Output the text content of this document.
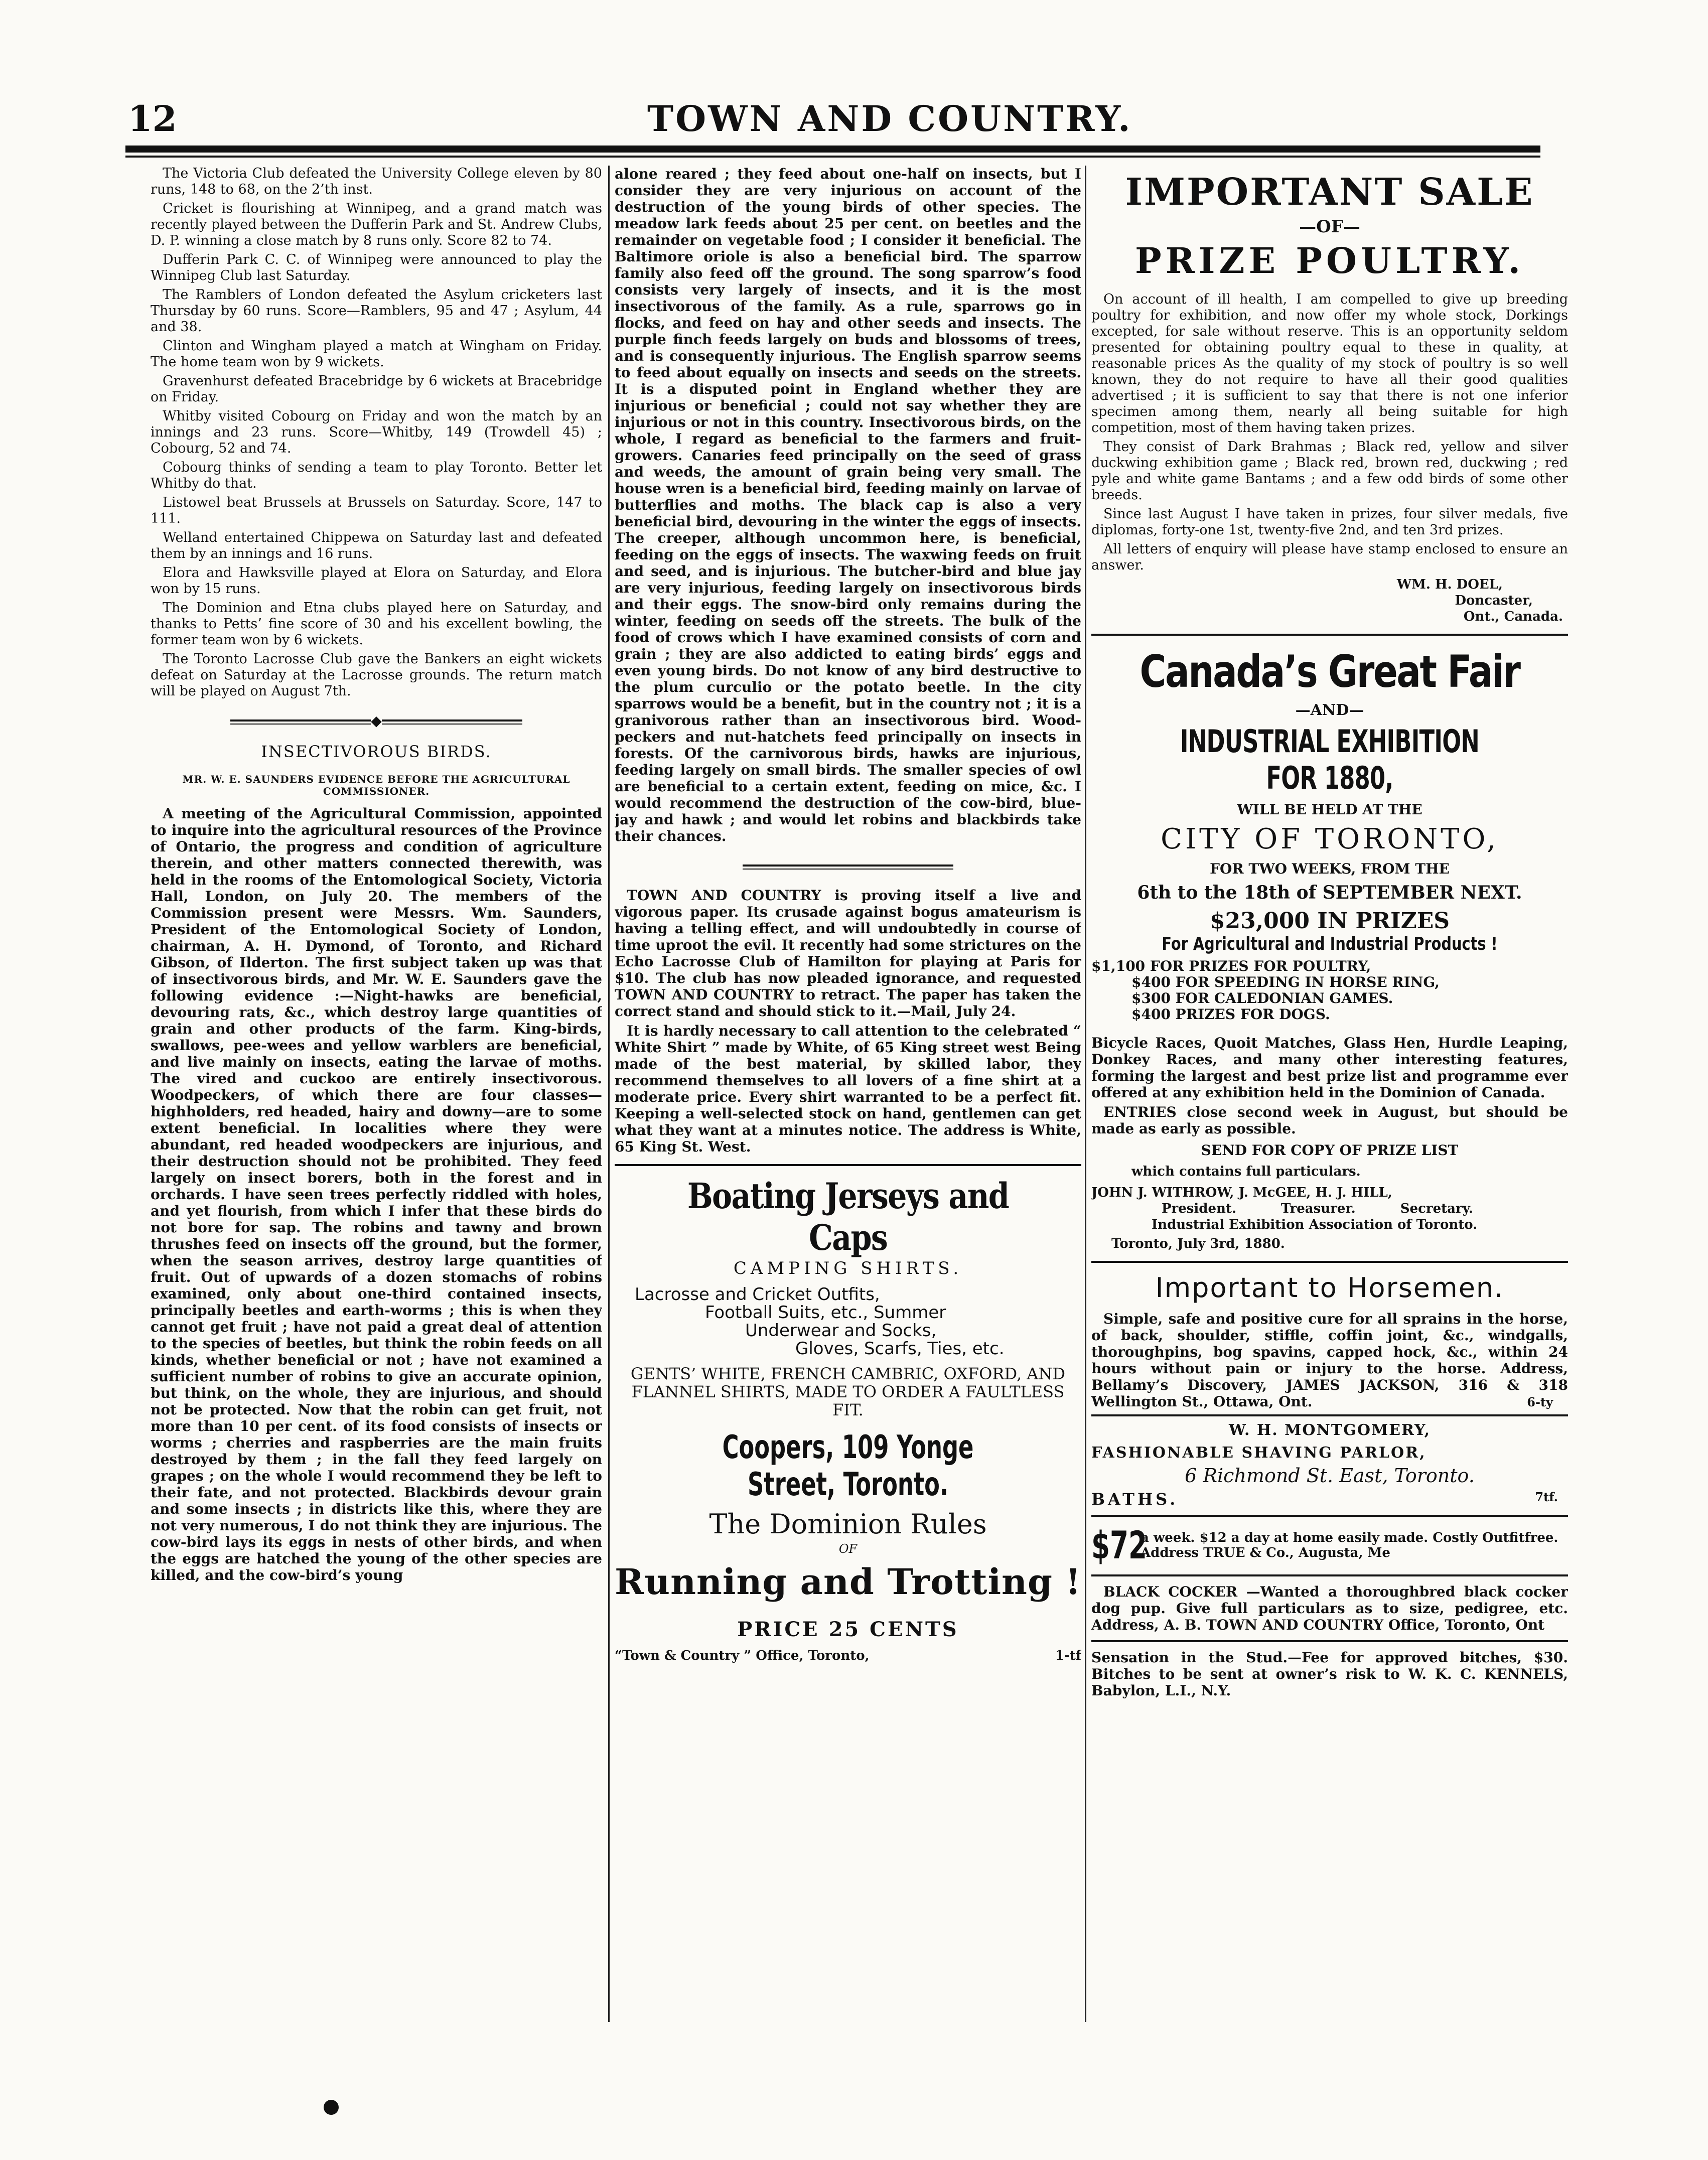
12	TOWN AND COUNTRY.

The Victoria Club defeated the University College eleven by 80 runs, 148 to 68, on the 2’th inst.

Cricket is flourishing at Winnipeg, and a grand match was recently played between the Dufferin Park and St. Andrew Clubs, D. P. winning a close match by 8 runs only. Score 82 to 74.

Dufferin Park C. C. of Winnipeg were announced to play the Winnipeg Club last Saturday.

The Ramblers of London defeated the Asylum cricketers last Thursday by 60 runs. Score—Ramblers, 95 and 47 ; Asylum, 44 and 38.

Clinton and Wingham played a match at Wingham on Friday. The home team won by 9 wickets.

Gravenhurst defeated Bracebridge by 6 wickets at Bracebridge on Friday.

Whitby visited Cobourg on Friday and won the match by an innings and 23 runs. Score—Whitby, 149 (Trowdell 45) ; Cobourg, 52 and 74.

Cobourg thinks of sending a team to play Toronto. Better let Whitby do that.

Listowel beat Brussels at Brussels on Saturday. Score, 147 to 111.

Welland entertained Chippewa on Saturday last and defeated them by an innings and 16 runs.

Elora and Hawksville played at Elora on Saturday, and Elora won by 15 runs.

The Dominion and Etna clubs played here on Saturday, and thanks to Petts’ fine score of 30 and his excellent bowling, the former team won by 6 wickets.

The Toronto Lacrosse Club gave the Bankers an eight wickets defeat on Saturday at the Lacrosse grounds. The return match will be played on August 7th.

◆
INSECTIVOROUS BIRDS.
MR. W. E. SAUNDERS EVIDENCE BEFORE THE AGRICULTURAL COMMISSIONER.

A meeting of the Agricultural Commission, appointed to inquire into the agricultural resources of the Province of Ontario, the progress and condition of agriculture therein, and other matters connected therewith, was held in the rooms of the Entomological Society, Victoria Hall, London, on July 20. The members of the Commission present were Messrs. Wm. Saunders, President of the Entomological Society of London, chairman, A. H. Dymond, of Toronto, and Richard Gibson, of Ilderton. The first subject taken up was that of insectivorous birds, and Mr. W. E. Saunders gave the following evidence :—Night-hawks are beneficial, devouring rats, &c., which destroy large quantities of grain and other products of the farm. King-birds, swallows, pee-wees and yellow warblers are beneficial, and live mainly on insects, eating the larvae of moths. The vired and cuckoo are entirely insectivorous. Woodpeckers, of which there are four classes—highholders, red headed, hairy and downy—are to some extent beneficial. In localities where they were abundant, red headed woodpeckers are injurious, and their destruction should not be prohibited. They feed largely on insect borers, both in the forest and in orchards. I have seen trees perfectly riddled with holes, and yet flourish, from which I infer that these birds do not bore for sap. The robins and tawny and brown thrushes feed on insects off the ground, but the former, when the season arrives, destroy large quantities of fruit. Out of upwards of a dozen stomachs of robins examined, only about one-third contained insects, principally beetles and earth-worms ; this is when they cannot get fruit ; have not paid a great deal of attention to the species of beetles, but think the robin feeds on all kinds, whether beneficial or not ; have not examined a sufficient number of robins to give an accurate opinion, but think, on the whole, they are injurious, and should not be protected. Now that the robin can get fruit, not more than 10 per cent. of its food consists of insects or worms ; cherries and raspberries are the main fruits destroyed by them ; in the fall they feed largely on grapes ; on the whole I would recommend they be left to their fate, and not protected. Blackbirds devour grain and some insects ; in districts like this, where they are not very numerous, I do not think they are injurious. The cow-bird lays its eggs in nests of other birds, and when the eggs are hatched the young of the other species are killed, and the cow-bird’s young

alone reared ; they feed about one-half on insects, but I consider they are very injurious on account of the destruction of the young birds of other species. The meadow lark feeds about 25 per cent. on beetles and the remainder on vegetable food ; I consider it beneficial. The Baltimore oriole is also a beneficial bird. The sparrow family also feed off the ground. The song sparrow’s food consists very largely of insects, and it is the most insectivorous of the family. As a rule, sparrows go in flocks, and feed on hay and other seeds and insects. The purple finch feeds largely on buds and blossoms of trees, and is consequently injurious. The English sparrow seems to feed about equally on insects and seeds on the streets. It is a disputed point in England whether they are injurious or beneficial ; could not say whether they are injurious or not in this country. Insectivorous birds, on the whole, I regard as beneficial to the farmers and fruit-growers. Canaries feed principally on the seed of grass and weeds, the amount of grain being very small. The house wren is a beneficial bird, feeding mainly on larvae of butterflies and moths. The black cap is also a very beneficial bird, devouring in the winter the eggs of insects. The creeper, although uncommon here, is beneficial, feeding on the eggs of insects. The waxwing feeds on fruit and seed, and is injurious. The butcher-bird and blue jay are very injurious, feeding largely on insectivorous birds and their eggs. The snow-bird only remains during the winter, feeding on seeds off the streets. The bulk of the food of crows which I have examined consists of corn and grain ; they are also addicted to eating birds’ eggs and even young birds. Do not know of any bird destructive to the plum curculio or the potato beetle. In the city sparrows would be a benefit, but in the country not ; it is a granivorous rather than an insectivorous bird. Wood-peckers and nut-hatchets feed principally on insects in forests. Of the carnivorous birds, hawks are injurious, feeding largely on small birds. The smaller species of owl are beneficial to a certain extent, feeding on mice, &c. I would recommend the destruction of the cow-bird, blue-jay and hawk ; and would let robins and blackbirds take their chances.

TOWN AND COUNTRY is proving itself a live and vigorous paper. Its crusade against bogus amateurism is having a telling effect, and will undoubtedly in course of time uproot the evil. It recently had some strictures on the Echo Lacrosse Club of Hamilton for playing at Paris for $10. The club has now pleaded ignorance, and requested TOWN AND COUNTRY to retract. The paper has taken the correct stand and should stick to it.—Mail, July 24.

It is hardly necessary to call attention to the celebrated “ White Shirt ” made by White, of 65 King street west Being made of the best material, by skilled labor, they recommend themselves to all lovers of a fine shirt at a moderate price. Every shirt warranted to be a perfect fit. Keeping a well-selected stock on hand, gentlemen can get what they want at a minutes notice. The address is White, 65 King St. West.

Boating Jerseys and Caps
CAMPING SHIRTS.
Lacrosse and Cricket Outfits,
Football Suits, etc., Summer
Underwear and Socks,
Gloves, Scarfs, Ties, etc.
GENTS’ WHITE, FRENCH CAMBRIC, OXFORD, AND FLANNEL SHIRTS, MADE TO ORDER A FAULTLESS FIT.
Coopers, 109 Yonge Street, Toronto.
The Dominion Rules
OF
Running and Trotting !
PRICE 25 CENTS
“Town & Country ” Office, Toronto,	1-tf
IMPORTANT SALE
—OF—
PRIZE POULTRY.

On account of ill health, I am compelled to give up breeding poultry for exhibition, and now offer my whole stock, Dorkings excepted, for sale without reserve. This is an opportunity seldom presented for obtaining poultry equal to these in quality, at reasonable prices As the quality of my stock of poultry is so well known, they do not require to have all their good qualities advertised ; it is sufficient to say that there is not one inferior specimen among them, nearly all being suitable for high competition, most of them having taken prizes.

They consist of Dark Brahmas ; Black red, yellow and silver duckwing exhibition game ; Black red, brown red, duckwing ; red pyle and white game Bantams ; and a few odd birds of some other breeds.

Since last August I have taken in prizes, four silver medals, five diplomas, forty-one 1st, twenty-five 2nd, and ten 3rd prizes.

All letters of enquiry will please have stamp enclosed to ensure an answer.

WM. H. DOEL,
Doncaster,
Ont., Canada.
Canada’s Great Fair
—AND—
INDUSTRIAL EXHIBITION FOR 1880,
WILL BE HELD AT THE
CITY OF TORONTO,
FOR TWO WEEKS, FROM THE
6th to the 18th of SEPTEMBER NEXT.
$23,000 IN PRIZES
For Agricultural and Industrial Products !
$1,100 FOR PRIZES FOR POULTRY,
$400 FOR SPEEDING IN HORSE RING,
$300 FOR CALEDONIAN GAMES.
$400 PRIZES FOR DOGS.

Bicycle Races, Quoit Matches, Glass Hen, Hurdle Leaping, Donkey Races, and many other interesting features, forming the largest and best prize list and programme ever offered at any exhibition held in the Dominion of Canada.

ENTRIES close second week in August, but should be made as early as possible.

SEND FOR COPY OF PRIZE LIST
which contains full particulars.
JOHN J. WITHROW, J. McGEE, H. J. HILL,
President. Treasurer. Secretary.
Industrial Exhibition Association of Toronto.
Toronto, July 3rd, 1880.
Important to Horsemen.

Simple, safe and positive cure for all sprains in the horse, of back, shoulder, stiffle, coffin joint, &c., windgalls, thoroughpins, bog spavins, capped hock, &c., within 24 hours without pain or injury to the horse. Address, Bellamy’s Discovery, JAMES JACKSON, 316 & 318 Wellington St., Ottawa, Ont.	6-ty
W. H. MONTGOMERY,
FASHIONABLE SHAVING PARLOR,
6 Richmond St. East, Toronto.
BATHS.	7tf.
$72
a week. $12 a day at home easily made. Costly Outfitfree. Address TRUE & Co., Augusta, Me

BLACK COCKER —Wanted a thoroughbred black cocker dog pup. Give full particulars as to size, pedigree, etc. Address, A. B. TOWN AND COUNTRY Office, Toronto, Ont

Sensation in the Stud.—Fee for approved bitches, $30. Bitches to be sent at owner’s risk to W. K. C. KENNELS, Babylon, L.I., N.Y.
